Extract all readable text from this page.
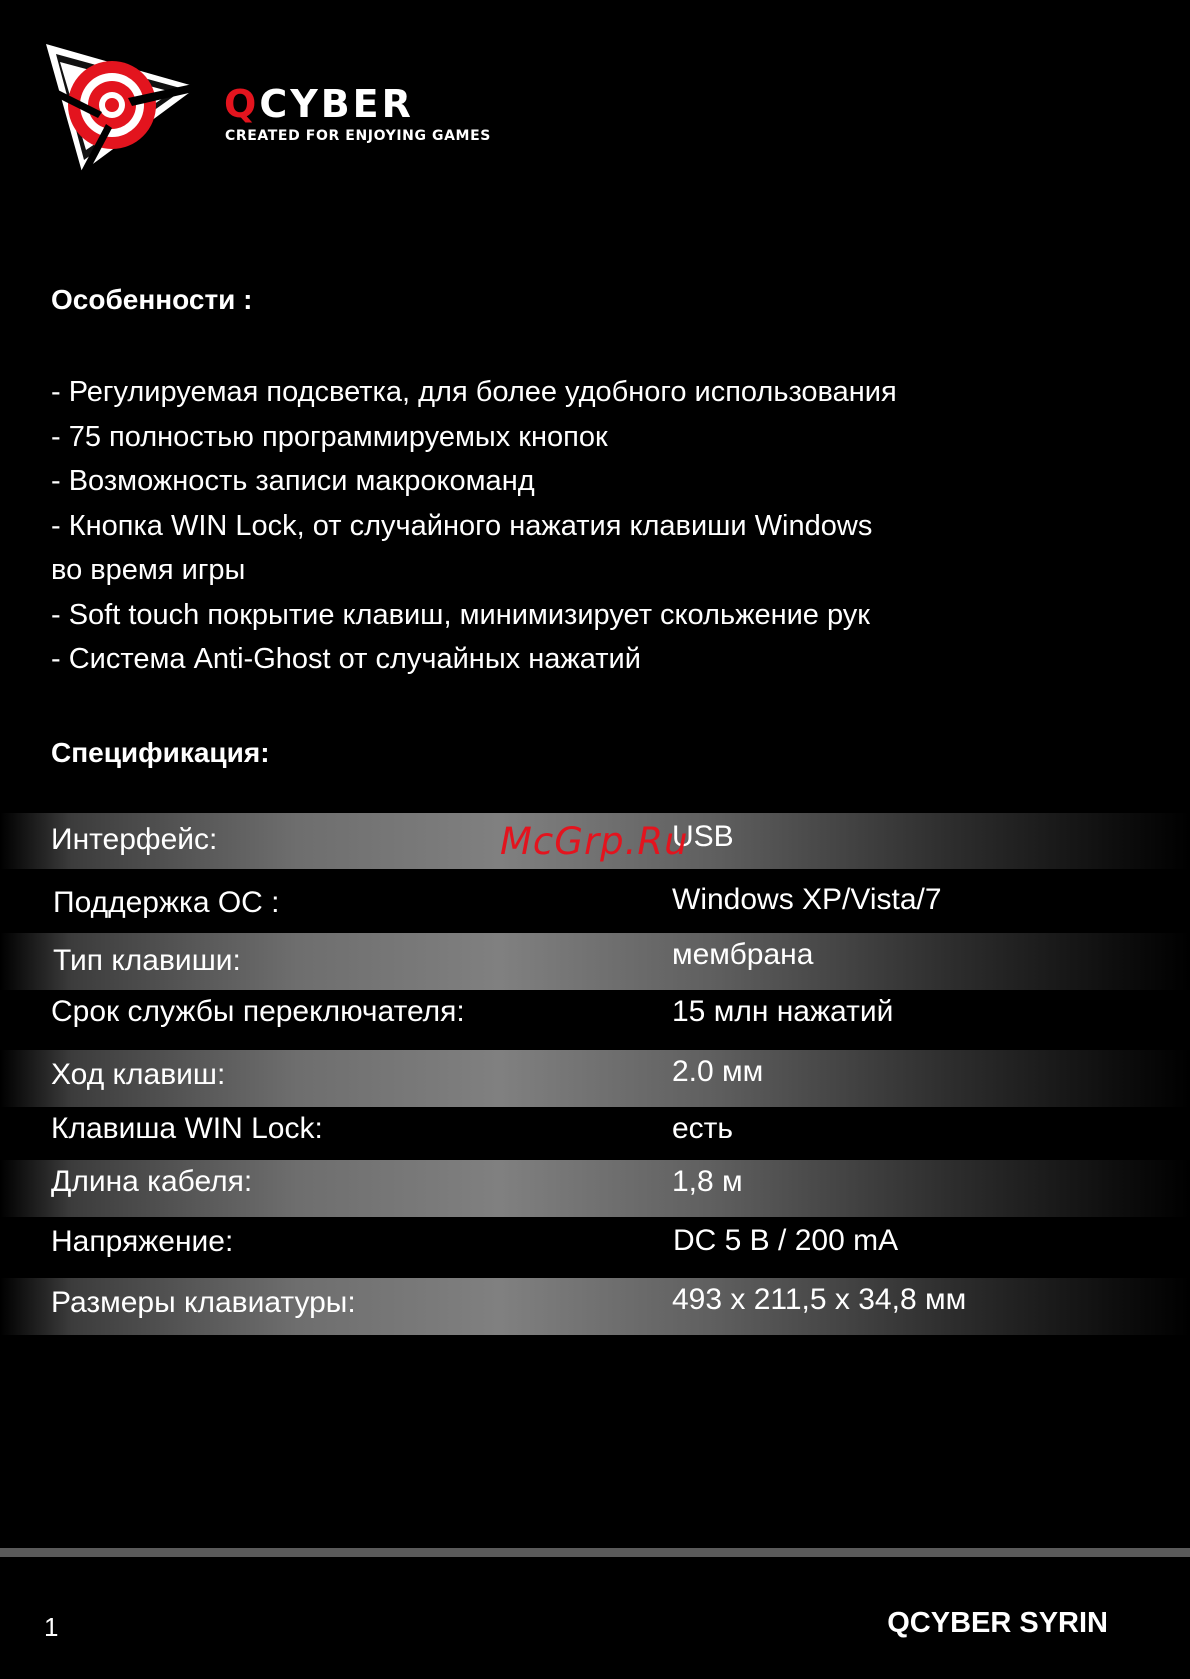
QCYBER
CREATED FOR ENJOYING GAMES
Особенности :
- Регулируемая подсветка, для более удобного использования
- 75 полностью программируемых кнопок
- Возможность записи макрокоманд
- Кнопка WIN Lock, от случайного нажатия клавиши Windows
во время игры
- Soft touch покрытие клавиш, минимизирует скольжение рук
- Система Anti-Ghost от случайных нажатий
Спецификация:
Интерфейс:	USB
Поддержка ОС :	Windows XP/Vista/7
Тип клавиши:	мембрана
Срок службы переключателя:	15 млн нажатий
Ход клавиш:	2.0 мм
Клавиша WIN Lock:	есть
Длина кабеля:	1,8 м
Напряжение:	DC 5 В / 200 mA
Размеры клавиатуры:	493 x 211,5 x 34,8 мм
McGrp.Ru
1	QCYBER SYRIN
